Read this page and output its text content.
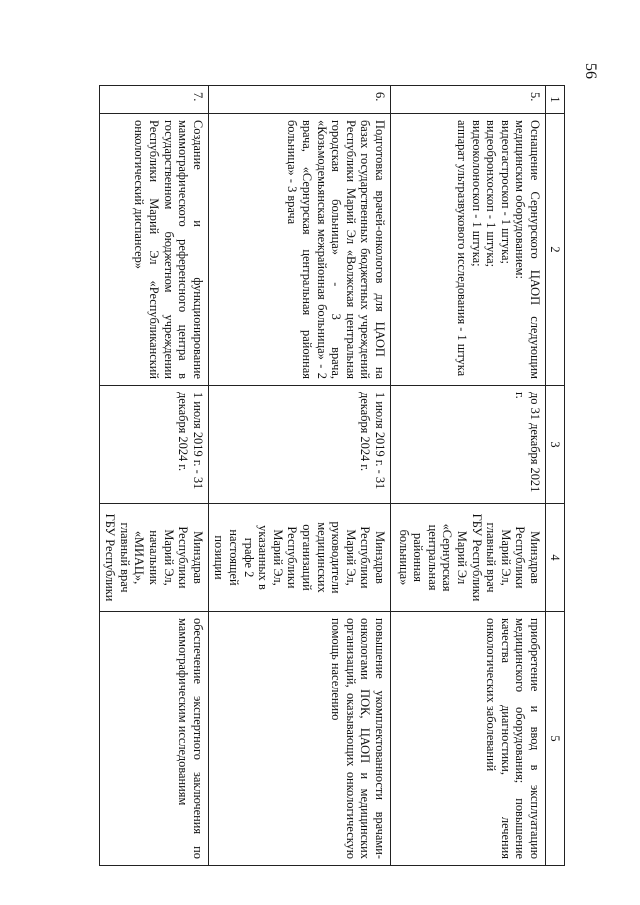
56
1	2	3	4	5
5.	Оснащение Сернурского ЦАОП следующим медицинским оборудованием:
видеогастроскоп - 1 штука;
видеобронхоскоп - 1 штука;
видеоколоноскоп - 1 штука;
аппарат ультразвукового исследования - 1 штука	до 31 декабря 2021 г.	Минздрав Республики Марий Эл, главный врач ГБУ Республики Марий Эл «Сернурская центральная районная больница»	приобретение и ввод в эксплуатацию медицинского оборудования; повышение качества диагностики, лечения онкологических заболеваний
6.	Подготовка врачей-онкологов для ЦАОП на базах государственных бюджетных учреждений Республики Марий Эл «Волжская центральная городская больница» - 3 врача, «Козьмодемьянская межрайонная больница» - 2 врача, «Сернурская центральная районная больница» - 3 врача	1 июля 2019 г. - 31 декабря 2024 г.	Минздрав Республики Марий Эл, руководители медицинских организаций Республики Марий Эл, указанных в графе 2 настоящей позиции	повышение укомплектованности врачами-онкологами ПОК, ЦАОП и медицинских организаций, оказывающих онкологическую помощь населению
7.	Создание и функционирование маммографического референсного центра в государственном бюджетном учреждении Республики Марий Эл «Республиканский онкологический диспансер»	1 июля 2019 г. - 31 декабря 2024 г.	Минздрав Республики Марий Эл, начальник «МИАЦ», главный врач ГБУ Республики	обеспечение экспертного заключения по маммографическим исследованиям
